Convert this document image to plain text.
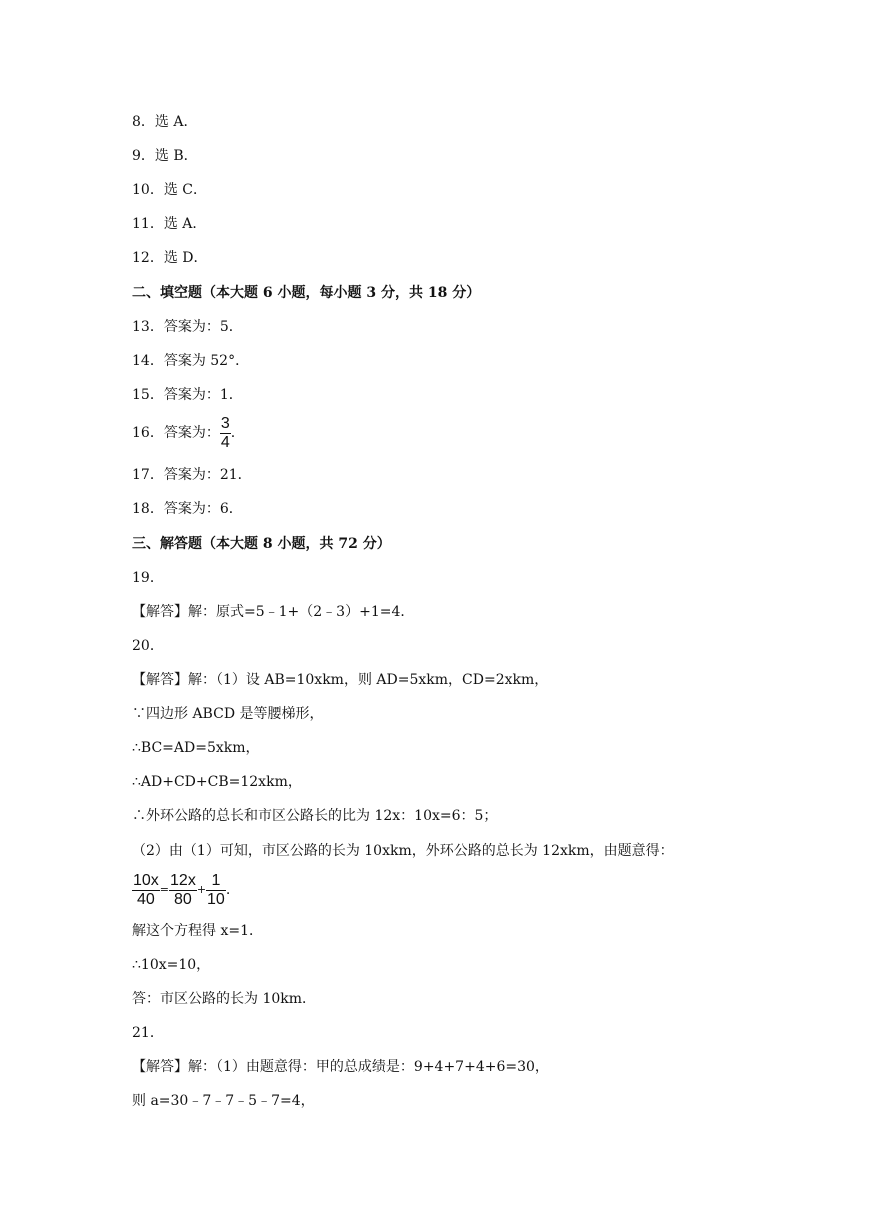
8．选 A．
9．选 B．
10．选 C．
11．选 A．
12．选 D．
二、填空题（本大题 6 小题，每小题 3 分，共 18 分）
13．答案为：5．
14．答案为 52°．
15．答案为：1．
16．答案为： $\frac{3}{4}$ .
17．答案为：21．
18．答案为：6．
三、解答题（本大题 8 小题，共 72 分）
19．
【解答】解：原式=5﹣1+（2﹣3）+1=4．
20．
【解答】解：（1）设 AB=10xkm，则 AD=5xkm，CD=2xkm，
∵四边形 ABCD 是等腰梯形，
∴BC=AD=5xkm，
∴AD+CD+CB=12xkm，
∴外环公路的总长和市区公路长的比为 12x：10x=6：5；
（2）由（1）可知，市区公路的长为 10xkm，外环公路的总长为 12xkm，由题意得：
$\frac{10x}{40} = \frac{12x}{80} + \frac{1}{10}$ .
解这个方程得 x=1．
∴10x=10，
答：市区公路的长为 10km．
21．
【解答】解：（1）由题意得：甲的总成绩是：9+4+7+4+6=30，
则 a=30﹣7﹣7﹣5﹣7=4，
